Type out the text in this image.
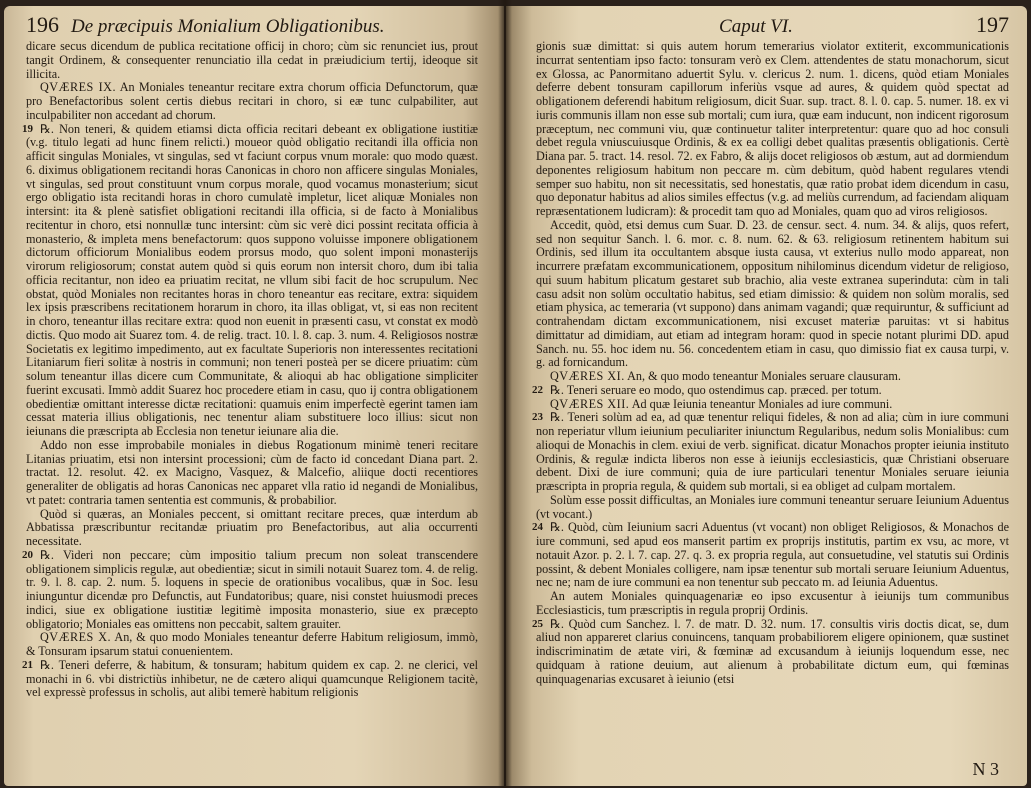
196 De præcipuis Monialium Obligationibus.

dicare secus dicendum de publica recitatione officij in choro; cùm sic renunciet ius, prout tangit Ordinem, & consequenter renunciatio illa cedat in præiudicium tertij, ideoque sit illicita.

QVÆRES IX. An Moniales teneantur recitare extra chorum officia Defunctorum, quæ pro Benefactoribus solent certis diebus recitari in choro, si eæ tunc culpabiliter, aut inculpabiliter non accedant ad chorum.

19 ℞. Non teneri, & quidem etiamsi dicta officia recitari debeant ex obligatione iustitiæ (v.g. titulo legati ad hunc finem relicti.) moueor quòd obligatio recitandi illa officia non afficit singulas Moniales, vt singulas, sed vt faciunt corpus vnum morale: quo modo quæst. 6. diximus obligationem recitandi horas Canonicas in choro non afficere singulas Moniales, vt singulas, sed prout constituunt vnum corpus morale, quod vocamus monasterium; sicut ergo obligatio ista recitandi horas in choro cumulatè impletur, licet aliquæ Moniales non intersint: ita & plenè satisfiet obligationi recitandi illa officia, si de facto à Monialibus recitentur in choro, etsi nonnullæ tunc intersint: cùm sic verè dici possint recitata officia à monasterio, & impleta mens benefactorum: quos suppono voluisse imponere obligationem dictorum officiorum Monialibus eodem prorsus modo, quo solent imponi monasterijs virorum religiosorum; constat autem quòd si quis eorum non intersit choro, dum ibi talia officia recitantur, non ideo ea priuatim recitat, ne vllum sibi facit de hoc scrupulum. Nec obstat, quòd Moniales non recitantes horas in choro teneantur eas recitare, extra: siquidem lex ipsis præscribens recitationem horarum in choro, ita illas obligat, vt, si eas non recitent in choro, teneantur illas recitare extra: quod non euenit in præsenti casu, vt constat ex modò dictis. Quo modo ait Suarez tom. 4. de relig. tract. 10. l. 8. cap. 3. num. 4. Religiosos nostræ Societatis ex legitimo impedimento, aut ex facultate Superioris non interessentes recitationi Litaniarum fieri solitæ à nostris in communi; non teneri posteà per se dicere priuatim: cùm solum teneantur illas dicere cum Communitate, & alioqui ab hac obligatione simpliciter fuerint excusati. Immò addit Suarez hoc procedere etiam in casu, quo ij contra obligationem obedientiæ omittant interesse dictæ recitationi: quamuis enim imperfectè egerint tamen iam cessat materia illius obligationis, nec tenentur aliam substituere loco illius: sicut non ieiunans die præscripta ab Ecclesia non tenetur ieiunare alia die.

Addo non esse improbabile moniales in diebus Rogationum minimè teneri recitare Litanias priuatim, etsi non intersint processioni; cùm de facto id concedant Diana part. 2. tractat. 12. resolut. 42. ex Macigno, Vasquez, & Malcefio, aliique docti recentiores generaliter de obligatis ad horas Canonicas nec apparet vlla ratio id negandi de Monialibus, vt patet: contraria tamen sententia est communis, & probabilior.

Quòd si quæras, an Moniales peccent, si omittant recitare preces, quæ interdum ab Abbatissa præscribuntur recitandæ priuatim pro Benefactoribus, aut alia occurrenti necessitate.

20 ℞. Videri non peccare; cùm impositio talium precum non soleat transcendere obligationem simplicis regulæ, aut obedientiæ; sicut in simili notauit Suarez tom. 4. de relig. tr. 9. l. 8. cap. 2. num. 5. loquens in specie de orationibus vocalibus, quæ in Soc. Iesu iniunguntur dicendæ pro Defunctis, aut Fundatoribus; quare, nisi constet huiusmodi preces indici, siue ex obligatione iustitiæ legitimè imposita monasterio, siue ex præcepto obligatorio; Moniales eas omittens non peccabit, saltem grauiter.

QVÆRES X. An, & quo modo Moniales teneantur deferre Habitum religiosum, immò, & Tonsuram ipsarum statui conuenientem.

21 ℞. Teneri deferre, & habitum, & tonsuram; habitum quidem ex cap. 2. ne clerici, vel monachi in 6. vbi districtiùs inhibetur, ne de cætero aliqui quamcunque Religionem tacitè, vel expressè professus in scholis, aut alibi temerè habitum religionis

Caput VI.	197

gionis suæ dimittat: si quis autem horum temerarius violator extiterit, excommunicationis incurrat sententiam ipso facto: tonsuram verò ex Clem. attendentes de statu monachorum, sicut ex Glossa, ac Panormitano aduertit Sylu. v. clericus 2. num. 1. dicens, quòd etiam Moniales deferre debent tonsuram capillorum inferiùs vsque ad aures, & quidem quòd spectat ad obligationem deferendi habitum religiosum, dicit Suar. sup. tract. 8. l. 0. cap. 5. numer. 18. ex vi iuris communis illam non esse sub mortali; cum iura, quæ eam inducunt, non indicent rigorosum præceptum, nec communi viu, quæ continuetur taliter interpretentur: quare quo ad hoc consuli debet regula vniuscuiusque Ordinis, & ex ea colligi debet qualitas præsentis obligationis. Certè Diana par. 5. tract. 14. resol. 72. ex Fabro, & alijs docet religiosos ob æstum, aut ad dormiendum deponentes religiosum habitum non peccare m. cùm debitum, quòd habent regulares vtendi semper suo habitu, non sit necessitatis, sed honestatis, quæ ratio probat idem dicendum in casu, quo deponatur habitus ad alios similes effectus (v.g. ad meliùs currendum, ad faciendam aliquam repræsentationem ludicram): & procedit tam quo ad Moniales, quam quo ad viros religiosos.

Accedit, quòd, etsi demus cum Suar. D. 23. de censur. sect. 4. num. 34. & alijs, quos refert, sed non sequitur Sanch. l. 6. mor. c. 8. num. 62. & 63. religiosum retinentem habitum sui Ordinis, sed illum ita occultantem absque iusta causa, vt exterius nullo modo appareat, non incurrere præfatam excommunicationem, oppositum nihilominus dicendum videtur de religioso, qui suum habitum plicatum gestaret sub brachio, alia veste extranea superinduta: cùm in tali casu adsit non solùm occultatio habitus, sed etiam dimissio: & quidem non solùm moralis, sed etiam physica, ac temeraria (vt suppono) dans animam vagandi; quæ requiruntur, & sufficiunt ad contrahendam dictam excommunicationem, nisi excuset materiæ paruitas: vt si habitus dimittatur ad dimidiam, aut etiam ad integram horam: quod in specie notant plurimi DD. apud Sanch. nu. 55. hoc idem nu. 56. concedentem etiam in casu, quo dimissio fiat ex causa turpi, v. g. ad fornicandum.

QVÆRES XI. An, & quo modo teneantur Moniales seruare clausuram.

22 ℞. Teneri seruare eo modo, quo ostendimus cap. præced. per totum.

QVÆRES XII. Ad quæ Ieiunia teneantur Moniales ad iure communi.

23 ℞. Teneri solùm ad ea, ad quæ tenentur reliqui fideles, & non ad alia; cùm in iure communi non reperiatur vllum ieiunium peculiariter iniunctum Regularibus, nedum solis Monialibus: cum alioqui de Monachis in clem. exiui de verb. significat. dicatur Monachos propter ieiunia instituto Ordinis, & regulæ indicta liberos non esse à ieiunijs ecclesiasticis, quæ Christiani obseruare debent. Dixi de iure communi; quia de iure particulari tenentur Moniales seruare ieiunia præscripta in propria regula, & quidem sub mortali, si ea obliget ad culpam mortalem.

Solùm esse possit difficultas, an Moniales iure communi teneantur seruare Ieiunium Aduentus (vt vocant.)

24 ℞. Quòd, cùm Ieiunium sacri Aduentus (vt vocant) non obliget Religiosos, & Monachos de iure communi, sed apud eos manserit partim ex proprijs institutis, partim ex vsu, ac more, vt notauit Azor. p. 2. l. 7. cap. 27. q. 3. ex propria regula, aut consuetudine, vel statutis sui Ordinis possint, & debent Moniales colligere, nam ipsæ tenentur sub mortali seruare Ieiunium Aduentus, nec ne; nam de iure communi ea non tenentur sub peccato m. ad Ieiunia Aduentus.

An autem Moniales quinquagenariæ eo ipso excusentur à ieiunijs tum communibus Ecclesiasticis, tum præscriptis in regula proprij Ordinis.

25 ℞. Quòd cum Sanchez. l. 7. de matr. D. 32. num. 17. consultis viris doctis dicat, se, dum aliud non appareret clarius conuincens, tanquam probabiliorem eligere opinionem, quæ sustinet indiscriminatim de ætate viri, & fœminæ ad excusandum à ieiunijs loquendum esse, nec quidquam à ratione deuium, aut alienum à probabilitate dictum eum, qui fœminas quinquagenarias excusaret à ieiunio (etsi

N 3
